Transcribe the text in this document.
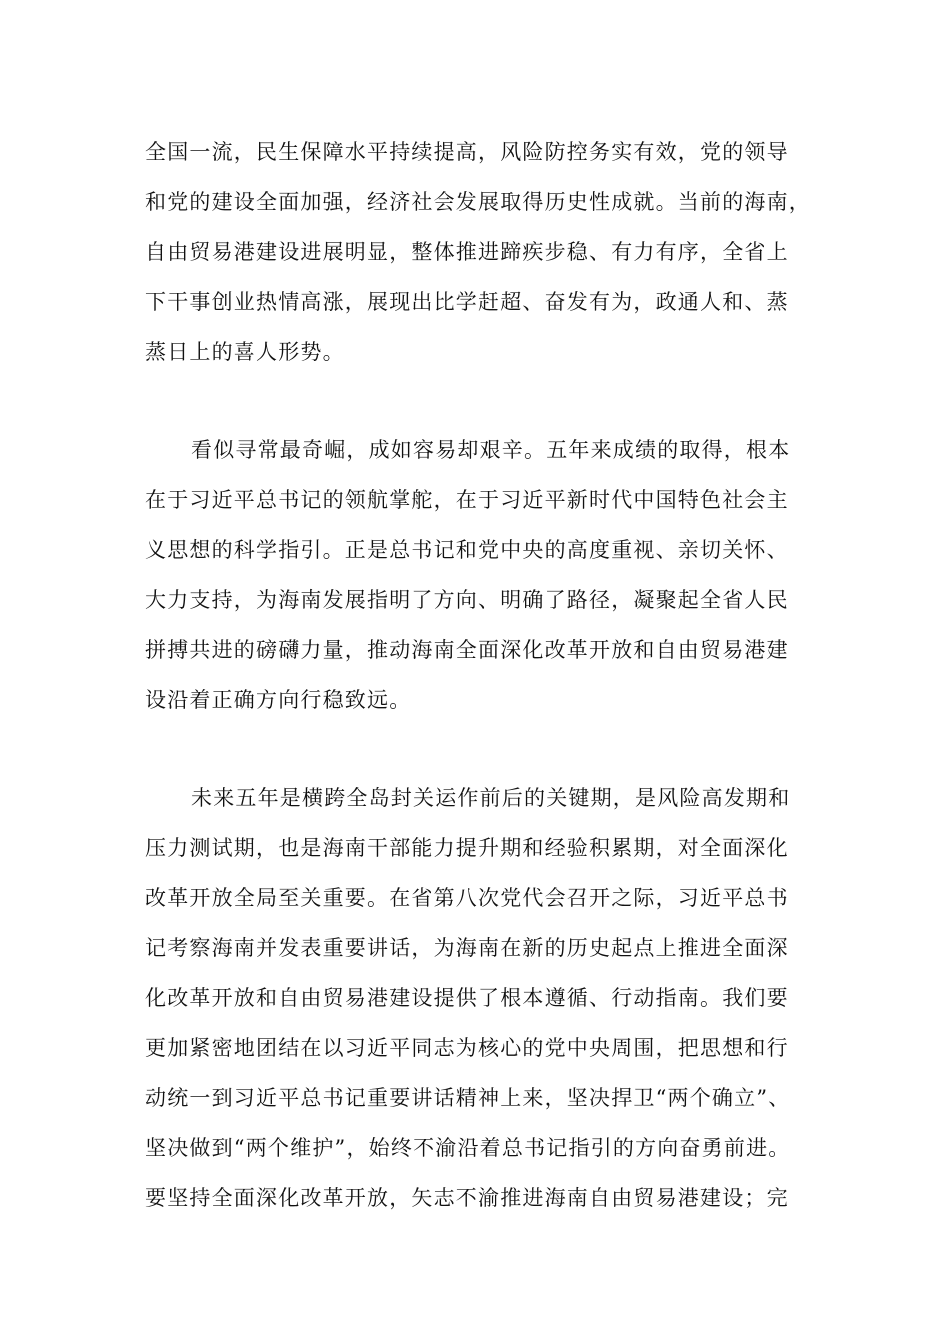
全国一流，民生保障水平持续提高，风险防控务实有效，党的领导
和党的建设全面加强，经济社会发展取得历史性成就。当前的海南，
自由贸易港建设进展明显，整体推进蹄疾步稳、有力有序，全省上
下干事创业热情高涨，展现出比学赶超、奋发有为，政通人和、蒸
蒸日上的喜人形势。
看似寻常最奇崛，成如容易却艰辛。五年来成绩的取得，根本
在于习近平总书记的领航掌舵，在于习近平新时代中国特色社会主
义思想的科学指引。正是总书记和党中央的高度重视、亲切关怀、
大力支持，为海南发展指明了方向、明确了路径，凝聚起全省人民
拼搏共进的磅礴力量，推动海南全面深化改革开放和自由贸易港建
设沿着正确方向行稳致远。
未来五年是横跨全岛封关运作前后的关键期，是风险高发期和
压力测试期，也是海南干部能力提升期和经验积累期，对全面深化
改革开放全局至关重要。在省第八次党代会召开之际，习近平总书
记考察海南并发表重要讲话，为海南在新的历史起点上推进全面深
化改革开放和自由贸易港建设提供了根本遵循、行动指南。我们要
更加紧密地团结在以习近平同志为核心的党中央周围，把思想和行
动统一到习近平总书记重要讲话精神上来，坚决捍卫“两个确立”、
坚决做到“两个维护”，始终不渝沿着总书记指引的方向奋勇前进。
要坚持全面深化改革开放，矢志不渝推进海南自由贸易港建设；完
